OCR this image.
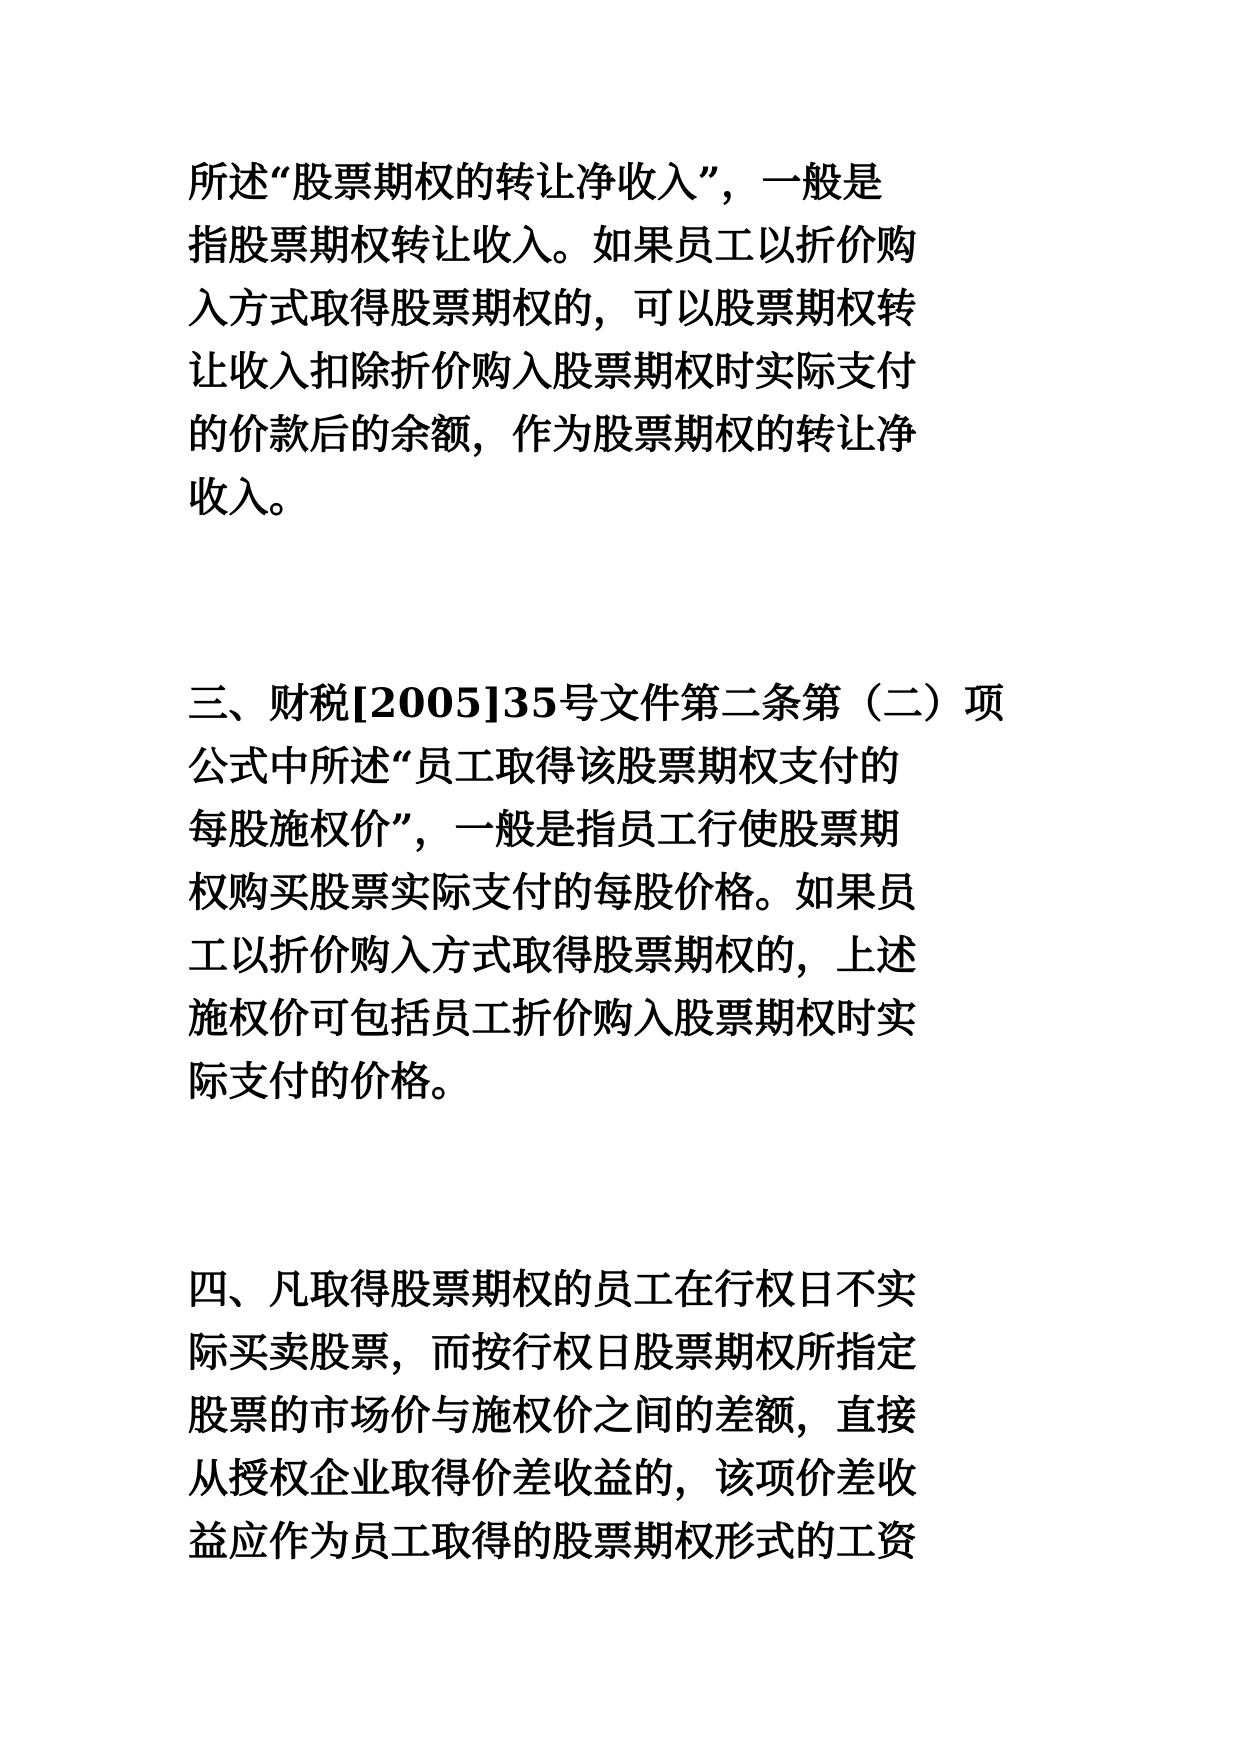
所述“股票期权的转让净收入”，一般是
指股票期权转让收入。如果员工以折价购
入方式取得股票期权的，可以股票期权转
让收入扣除折价购入股票期权时实际支付
的价款后的余额，作为股票期权的转让净
收入。
三、财税[2005]35号文件第二条第（二）项
公式中所述“员工取得该股票期权支付的
每股施权价”，一般是指员工行使股票期
权购买股票实际支付的每股价格。如果员
工以折价购入方式取得股票期权的，上述
施权价可包括员工折价购入股票期权时实
际支付的价格。
四、凡取得股票期权的员工在行权日不实
际买卖股票，而按行权日股票期权所指定
股票的市场价与施权价之间的差额，直接
从授权企业取得价差收益的，该项价差收
益应作为员工取得的股票期权形式的工资
